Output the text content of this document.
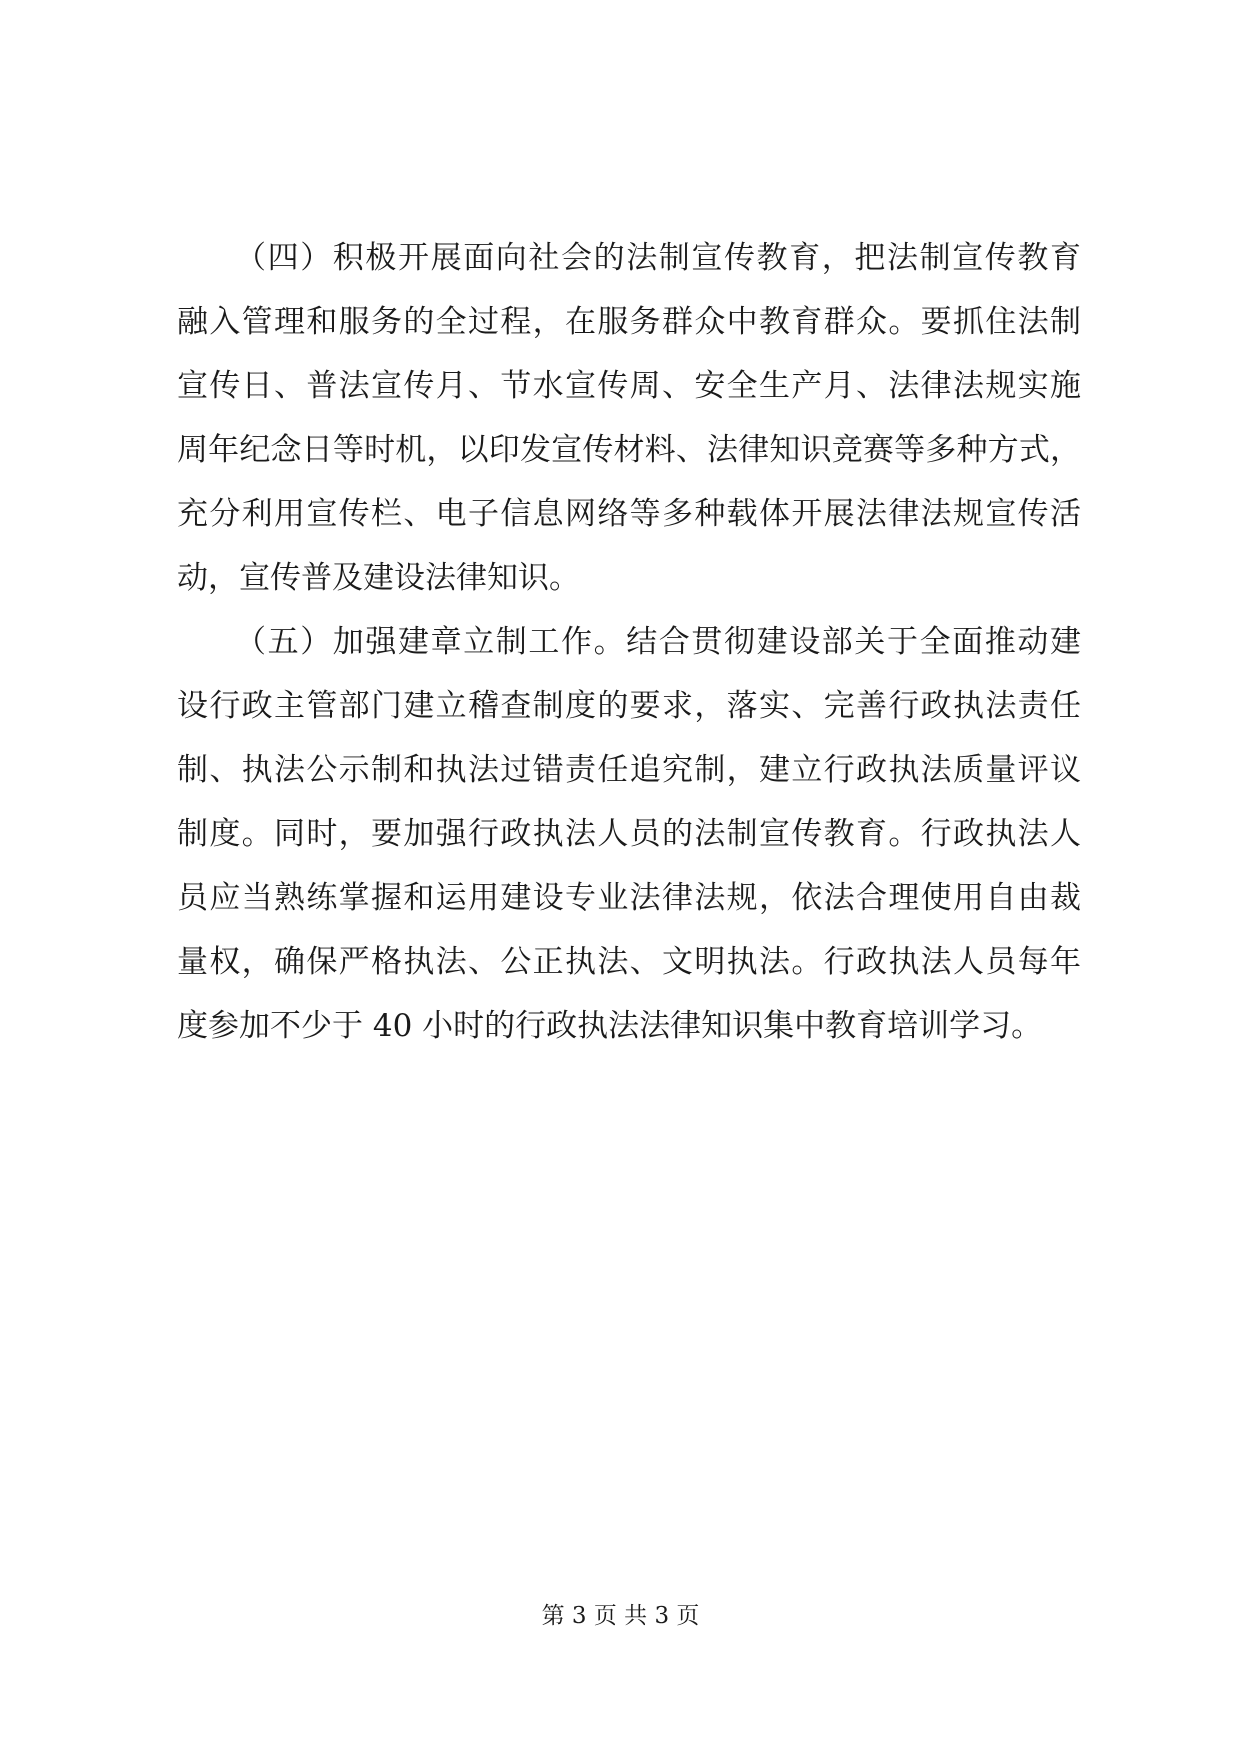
（四）积极开展面向社会的法制宣传教育，把法制宣传教育
融入管理和服务的全过程，在服务群众中教育群众。要抓住法制
宣传日、普法宣传月、节水宣传周、安全生产月、法律法规实施
周年纪念日等时机，以印发宣传材料、法律知识竞赛等多种方式，
充分利用宣传栏、电子信息网络等多种载体开展法律法规宣传活
动，宣传普及建设法律知识。
（五）加强建章立制工作。结合贯彻建设部关于全面推动建
设行政主管部门建立稽查制度的要求，落实、完善行政执法责任
制、执法公示制和执法过错责任追究制，建立行政执法质量评议
制度。同时，要加强行政执法人员的法制宣传教育。行政执法人
员应当熟练掌握和运用建设专业法律法规，依法合理使用自由裁
量权，确保严格执法、公正执法、文明执法。行政执法人员每年
度参加不少于 40 小时的行政执法法律知识集中教育培训学习。
第 3 页 共 3 页
